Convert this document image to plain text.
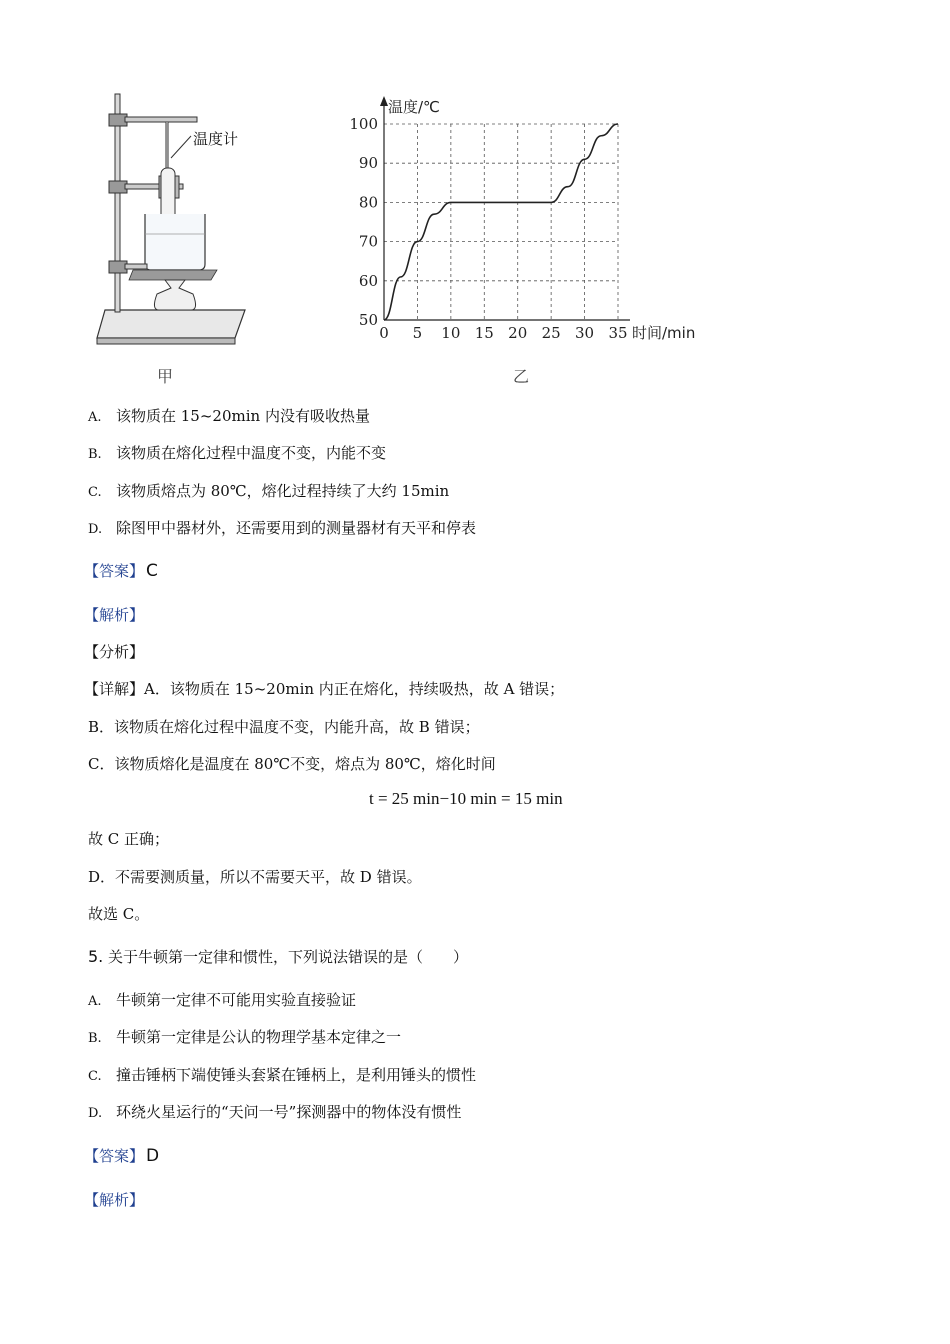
温度计
甲
0 5 10 15 20 25 30 35
50
60
70
80
90
100
温度/℃
时间/min
乙
A. 该物质在 15~20min 内没有吸收热量
B. 该物质在熔化过程中温度不变，内能不变
C. 该物质熔点为 80℃，熔化过程持续了大约 15min
D. 除图甲中器材外，还需要用到的测量器材有天平和停表
【答案】 C
【解析】
【分析】
【详解】A．该物质在 15~20min 内正在熔化，持续吸热，故 A 错误；
B．该物质在熔化过程中温度不变，内能升高，故 B 错误；
C．该物质熔化是温度在 80℃不变，熔点为 80℃，熔化时间
t = 25 min−10 min = 15 min
故 C 正确；
D．不需要测质量，所以不需要天平，故 D 错误。
故选 C。
5. 关于牛顿第一定律和惯性，下列说法错误的是（　　）
A. 牛顿第一定律不可能用实验直接验证
B. 牛顿第一定律是公认的物理学基本定律之一
C. 撞击锤柄下端使锤头套紧在锤柄上，是利用锤头的惯性
D. 环绕火星运行的“天问一号”探测器中的物体没有惯性
【答案】 D
【解析】
